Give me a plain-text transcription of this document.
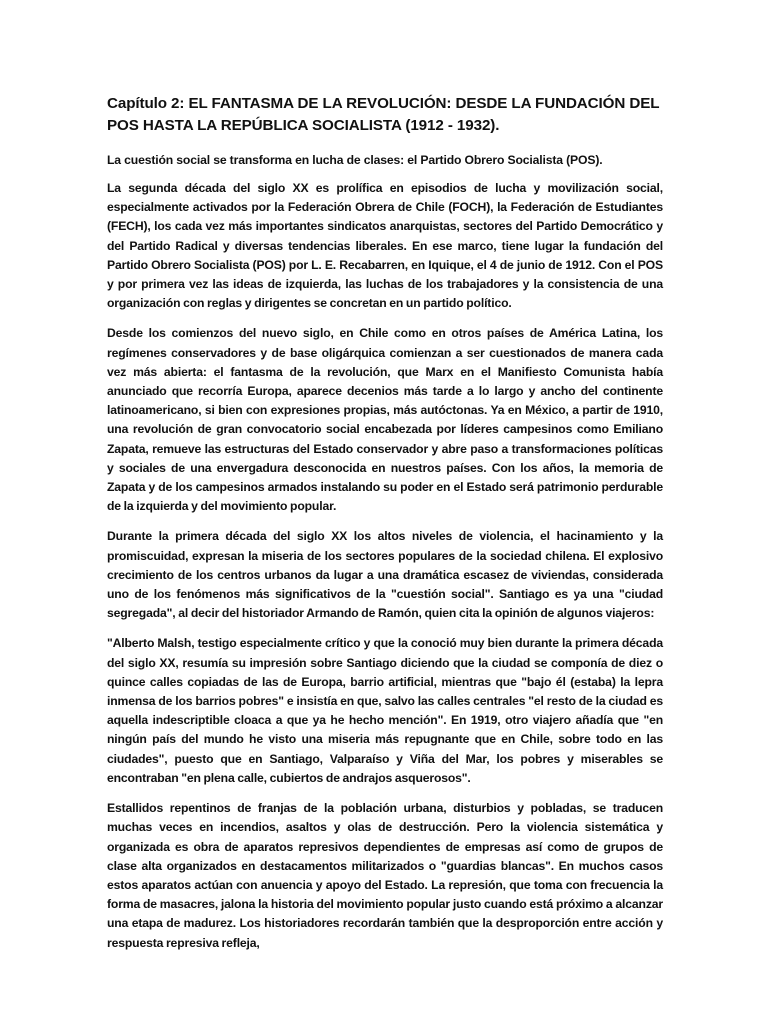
Capítulo 2: EL FANTASMA DE LA REVOLUCIÓN: DESDE LA FUNDACIÓN DEL POS HASTA LA REPÚBLICA SOCIALISTA (1912 - 1932).
La cuestión social se transforma en lucha de clases: el Partido Obrero Socialista (POS).

La segunda década del siglo XX es prolífica en episodios de lucha y movilización social, especialmente activados por la Federación Obrera de Chile (FOCH), la Federación de Estudiantes (FECH), los cada vez más importantes sindicatos anarquistas, sectores del Partido Democrático y del Partido Radical y diversas tendencias liberales. En ese marco, tiene lugar la fundación del Partido Obrero Socialista (POS) por L. E. Recabarren, en Iquique, el 4 de junio de 1912. Con el POS y por primera vez las ideas de izquierda, las luchas de los trabajadores y la consistencia de una organización con reglas y dirigentes se concretan en un partido político.

Desde los comienzos del nuevo siglo, en Chile como en otros países de América Latina, los regímenes conservadores y de base oligárquica comienzan a ser cuestionados de manera cada vez más abierta: el fantasma de la revolución, que Marx en el Manifiesto Comunista había anunciado que recorría Europa, aparece decenios más tarde a lo largo y ancho del continente latinoamericano, si bien con expresiones propias, más autóctonas. Ya en México, a partir de 1910, una revolución de gran convocatorio social encabezada por líderes campesinos como Emiliano Zapata, remueve las estructuras del Estado conservador y abre paso a transformaciones políticas y sociales de una envergadura desconocida en nuestros países. Con los años, la memoria de Zapata y de los campesinos armados instalando su poder en el Estado será patrimonio perdurable de la izquierda y del movimiento popular.

Durante la primera década del siglo XX los altos niveles de violencia, el hacinamiento y la promiscuidad, expresan la miseria de los sectores populares de la sociedad chilena. El explosivo crecimiento de los centros urbanos da lugar a una dramática escasez de viviendas, considerada uno de los fenómenos más significativos de la "cuestión social". Santiago es ya una "ciudad segregada", al decir del historiador Armando de Ramón, quien cita la opinión de algunos viajeros:

"Alberto Malsh, testigo especialmente crítico y que la conoció muy bien durante la primera década del siglo XX, resumía su impresión sobre Santiago diciendo que la ciudad se componía de diez o quince calles copiadas de las de Europa, barrio artificial, mientras que "bajo él (estaba) la lepra inmensa de los barrios pobres" e insistía en que, salvo las calles centrales "el resto de la ciudad es aquella indescriptible cloaca a que ya he hecho mención". En 1919, otro viajero añadía que "en ningún país del mundo he visto una miseria más repugnante que en Chile, sobre todo en las ciudades", puesto que en Santiago, Valparaíso y Viña del Mar, los pobres y miserables se encontraban "en plena calle, cubiertos de andrajos asquerosos".

Estallidos repentinos de franjas de la población urbana, disturbios y pobladas, se traducen muchas veces en incendios, asaltos y olas de destrucción. Pero la violencia sistemática y organizada es obra de aparatos represivos dependientes de empresas así como de grupos de clase alta organizados en destacamentos militarizados o "guardias blancas". En muchos casos estos aparatos actúan con anuencia y apoyo del Estado. La represión, que toma con frecuencia la forma de masacres, jalona la historia del movimiento popular justo cuando está próximo a alcanzar una etapa de madurez. Los historiadores recordarán también que la desproporción entre acción y respuesta represiva refleja,
